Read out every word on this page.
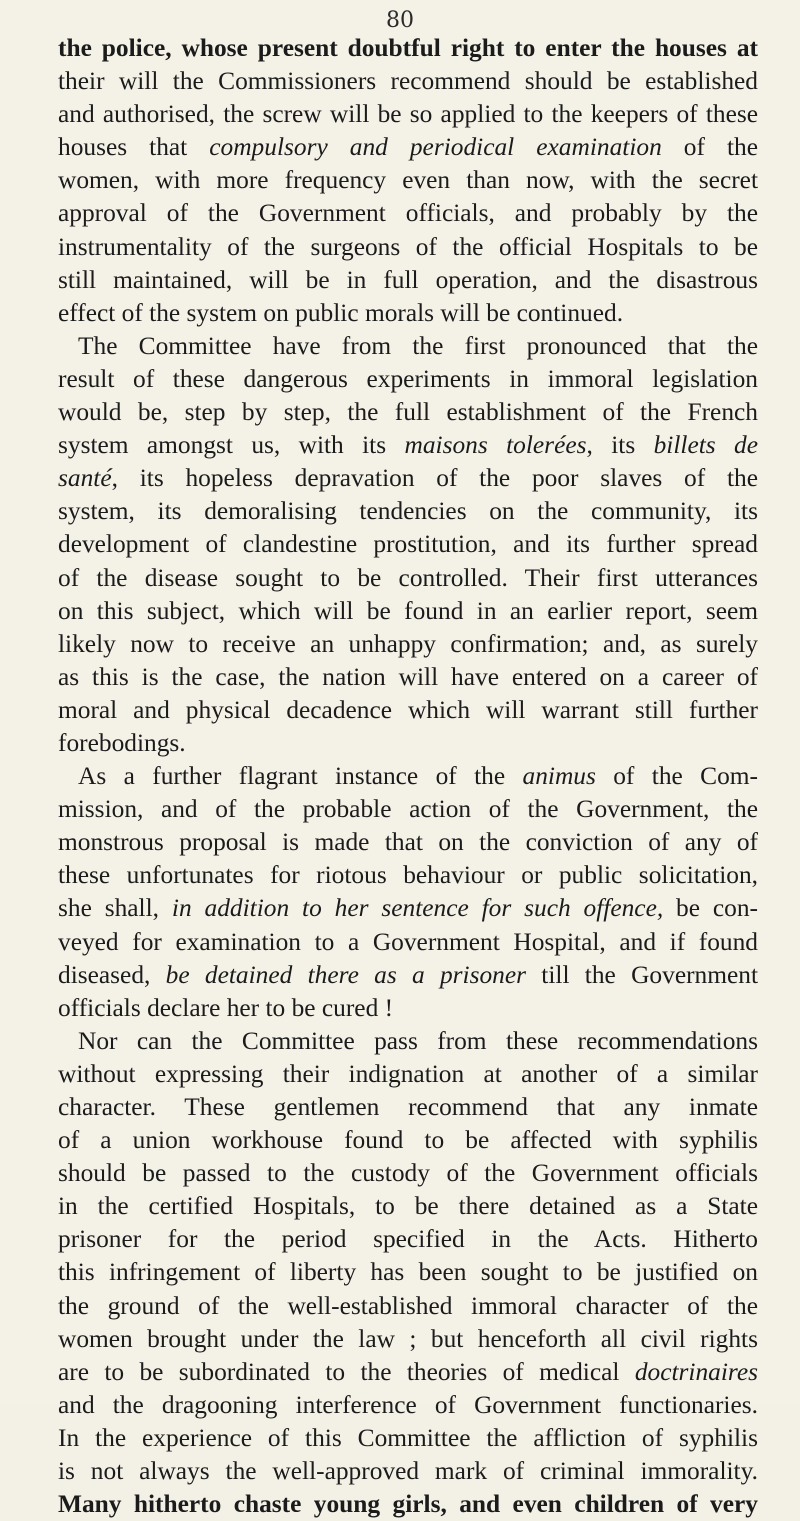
80
the police, whose present doubtful right to enter the houses at
their will the Commissioners recommend should be established
and authorised, the screw will be so applied to the keepers of these
houses that compulsory and periodical examination of the
women, with more frequency even than now, with the secret
approval of the Government officials, and probably by the
instrumentality of the surgeons of the official Hospitals to be
still maintained, will be in full operation, and the disastrous
effect of the system on public morals will be continued.
The Committee have from the first pronounced that the
result of these dangerous experiments in immoral legislation
would be, step by step, the full establishment of the French
system amongst us, with its maisons tolerées, its billets de
santé, its hopeless depravation of the poor slaves of the
system, its demoralising tendencies on the community, its
development of clandestine prostitution, and its further spread
of the disease sought to be controlled. Their first utterances
on this subject, which will be found in an earlier report, seem
likely now to receive an unhappy confirmation; and, as surely
as this is the case, the nation will have entered on a career of
moral and physical decadence which will warrant still further
forebodings.
As a further flagrant instance of the animus of the Com-
mission, and of the probable action of the Government, the
monstrous proposal is made that on the conviction of any of
these unfortunates for riotous behaviour or public solicitation,
she shall, in addition to her sentence for such offence, be con-
veyed for examination to a Government Hospital, and if found
diseased, be detained there as a prisoner till the Government
officials declare her to be cured !
Nor can the Committee pass from these recommendations
without expressing their indignation at another of a similar
character. These gentlemen recommend that any inmate
of a union workhouse found to be affected with syphilis
should be passed to the custody of the Government officials
in the certified Hospitals, to be there detained as a State
prisoner for the period specified in the Acts. Hitherto
this infringement of liberty has been sought to be justified on
the ground of the well-established immoral character of the
women brought under the law ; but henceforth all civil rights
are to be subordinated to the theories of medical doctrinaires
and the dragooning interference of Government functionaries.
In the experience of this Committee the affliction of syphilis
is not always the well-approved mark of criminal immorality.
Many hitherto chaste young girls, and even children of very
